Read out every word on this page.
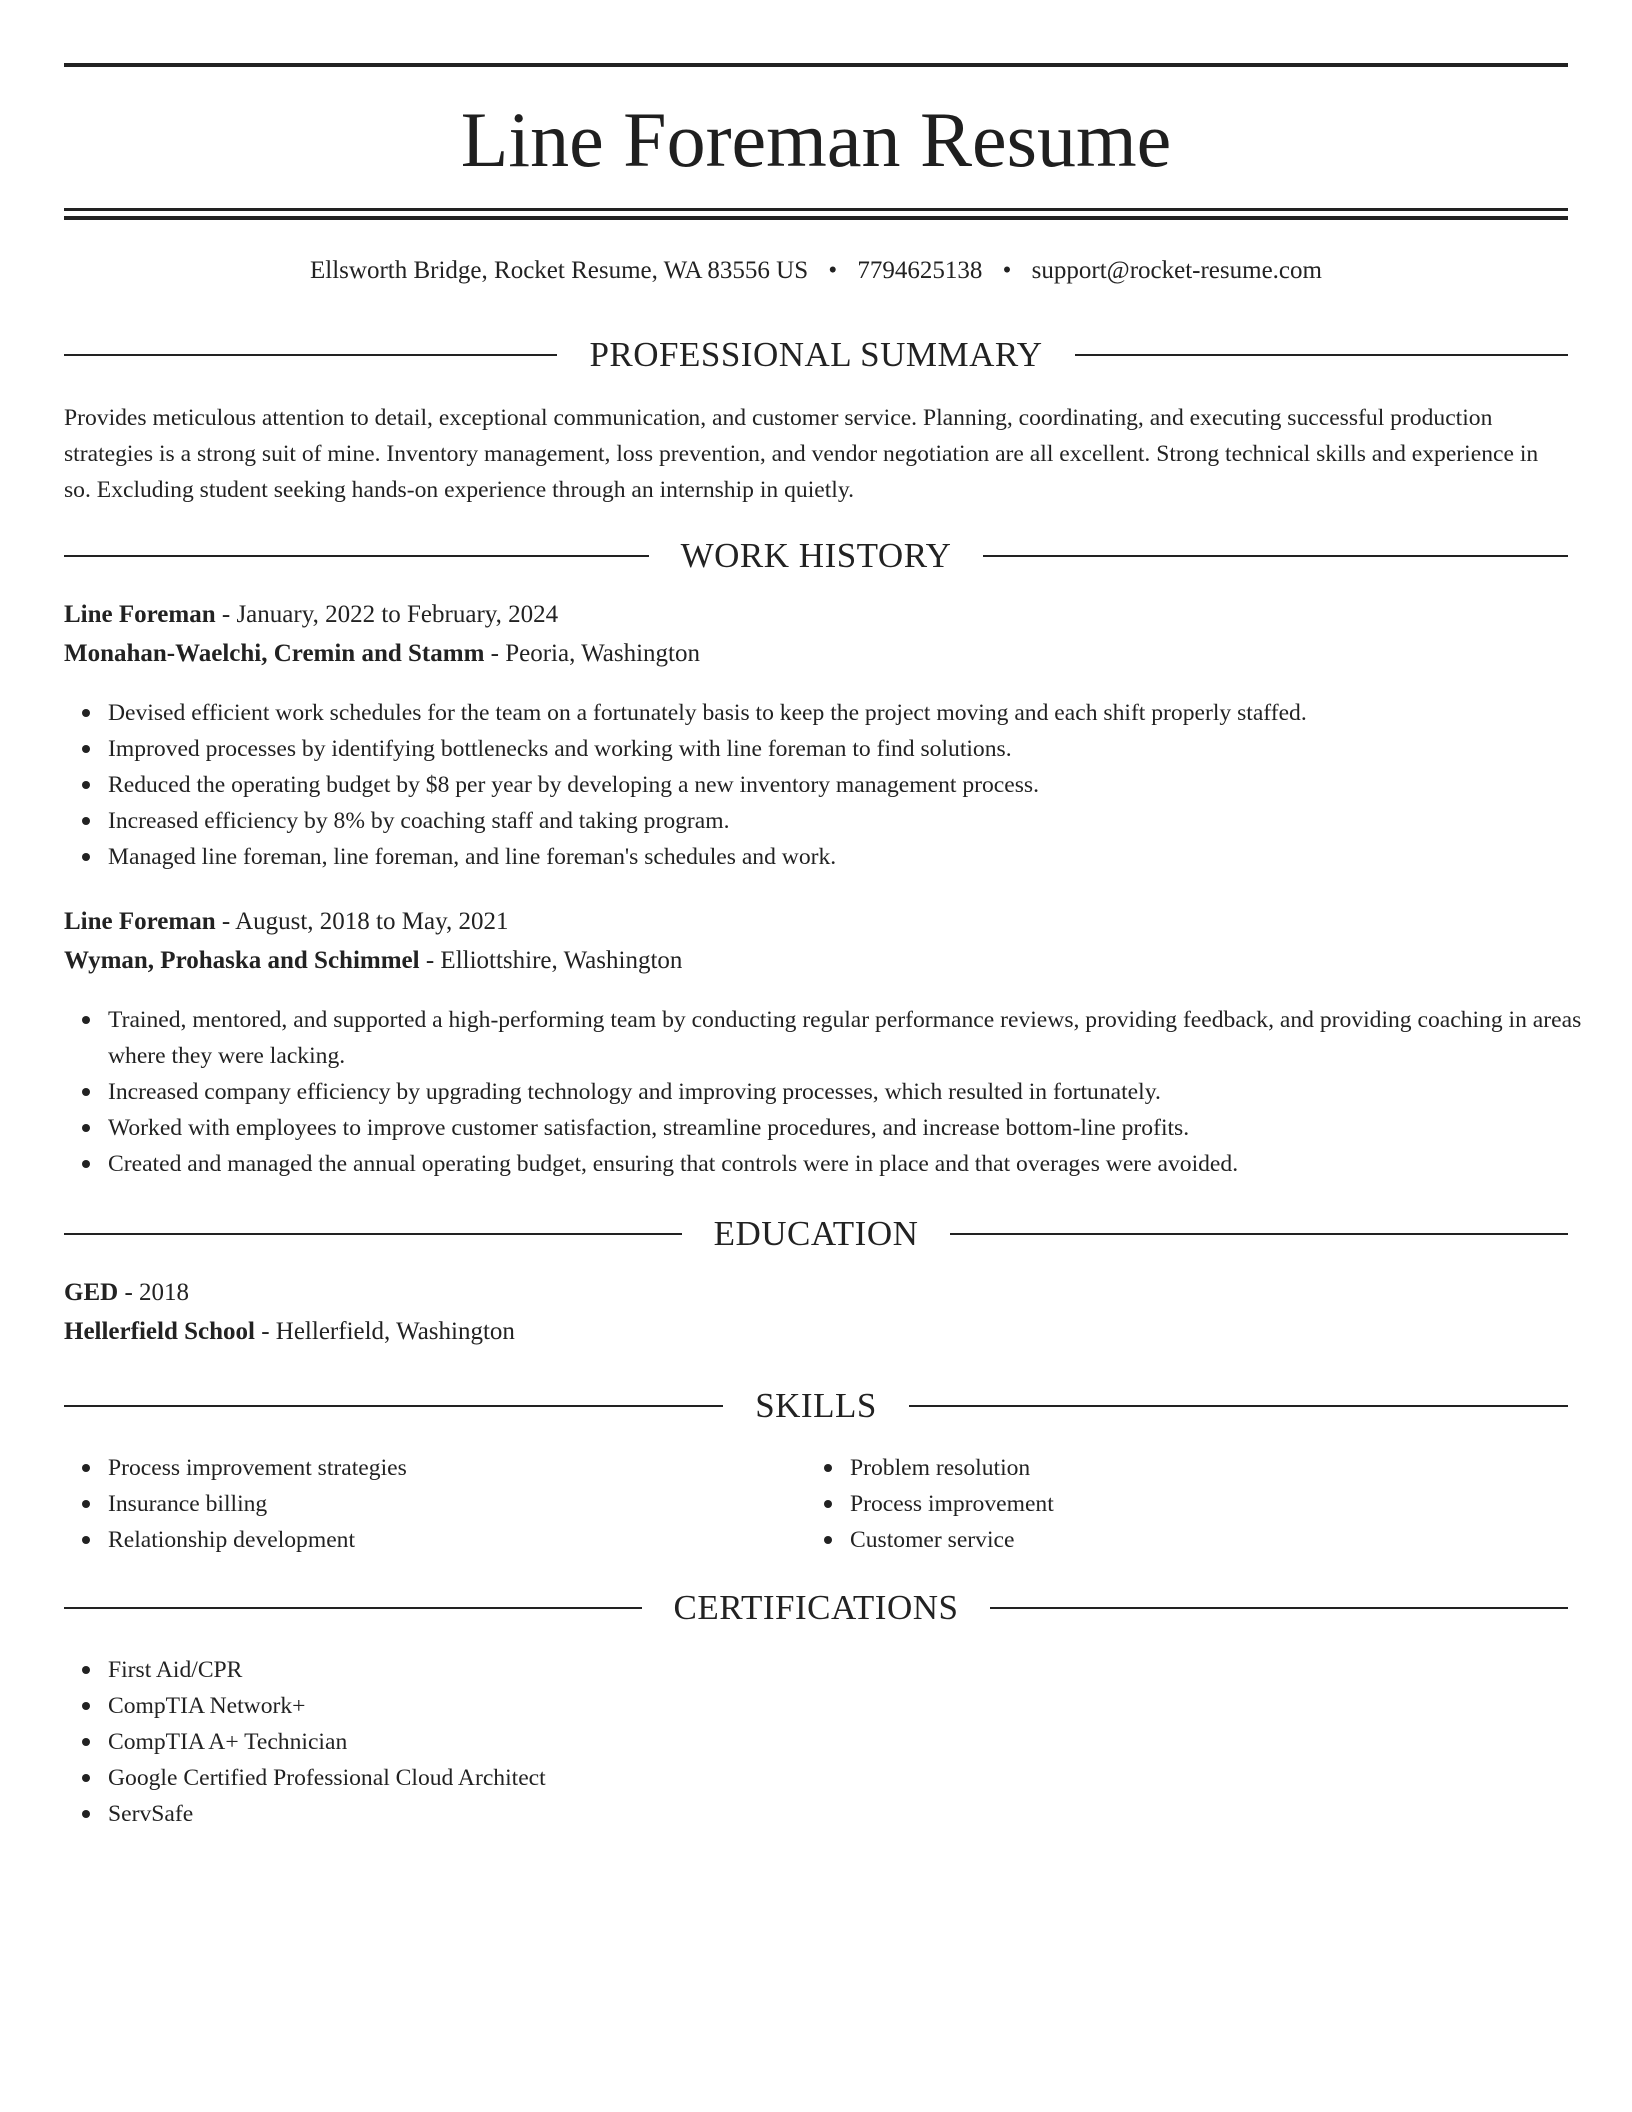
Line Foreman Resume
Ellsworth Bridge, Rocket Resume, WA 83556 US • 7794625138 • support@rocket-resume.com
PROFESSIONAL SUMMARY

Provides meticulous attention to detail, exceptional communication, and customer service. Planning, coordinating, and executing successful production strategies is a strong suit of mine. Inventory management, loss prevention, and vendor negotiation are all excellent. Strong technical skills and experience in so. Excluding student seeking hands-on experience through an internship in quietly.

WORK HISTORY
Line Foreman - January, 2022 to February, 2024
Monahan-Waelchi, Cremin and Stamm - Peoria, Washington
Devised efficient work schedules for the team on a fortunately basis to keep the project moving and each shift properly staffed.
Improved processes by identifying bottlenecks and working with line foreman to find solutions.
Reduced the operating budget by $8 per year by developing a new inventory management process.
Increased efficiency by 8% by coaching staff and taking program.
Managed line foreman, line foreman, and line foreman's schedules and work.
Line Foreman - August, 2018 to May, 2021
Wyman, Prohaska and Schimmel - Elliottshire, Washington
Trained, mentored, and supported a high-performing team by conducting regular performance reviews, providing feedback, and providing coaching in areas where they were lacking.
Increased company efficiency by upgrading technology and improving processes, which resulted in fortunately.
Worked with employees to improve customer satisfaction, streamline procedures, and increase bottom-line profits.
Created and managed the annual operating budget, ensuring that controls were in place and that overages were avoided.
EDUCATION
GED - 2018
Hellerfield School - Hellerfield, Washington
SKILLS
Process improvement strategies
Insurance billing
Relationship development
Problem resolution
Process improvement
Customer service
CERTIFICATIONS
First Aid/CPR
CompTIA Network+
CompTIA A+ Technician
Google Certified Professional Cloud Architect
ServSafe
